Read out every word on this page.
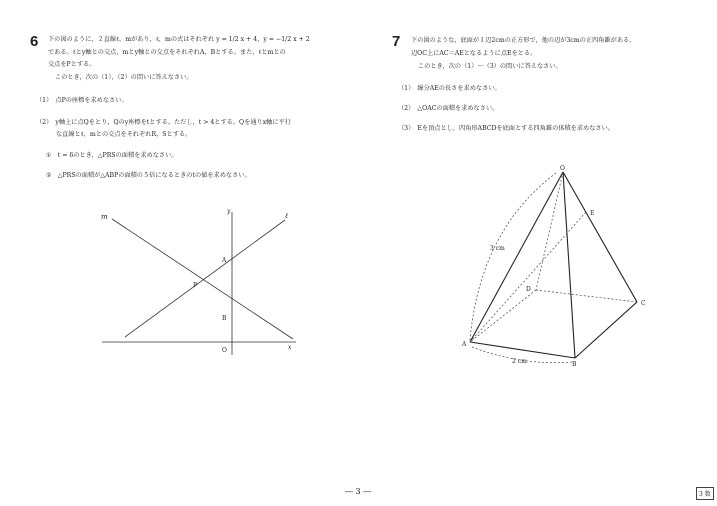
6 下の図のように，２直線ℓ，mがあり，ℓ，mの式はそれぞれ y = 1/2 x + 4，y = −1/2 x + 2
である。ℓとy軸との交点，mとy軸との交点をそれぞれA，Bとする。また，ℓとmとの
交点をPとする。
このとき，次の（1），（2）の問いに答えなさい。
（1）　点Pの座標を求めなさい。
（2）　y軸上に点Qをとり，Qのy座標をtとする。ただし，t > 4とする。Qを通りx軸に平行
な直線とℓ，mとの交点をそれぞれR，Sとする。
①　t = 6のとき，△PRSの面積を求めなさい。
②　△PRSの面積が△ABPの面積の５倍になるときのtの値を求めなさい。
m	ℓ
y
x
A
B
P
O
7 下の図のような，底面が１辺2cmの正方形で，他の辺が3cmの正四角錐がある。
辺OC上にAC＝AEとなるように点Eをとる。
このとき，次の（1）〜（3）の問いに答えなさい。
（1）　線分AEの長さを求めなさい。
（2）　△OACの面積を求めなさい。
（3）　Eを頂点とし，四角形ABCDを底面とする四角錐の体積を求めなさい。
O
E
D
C
A
B
3 cm
2 cm
― 3 ―	3 数
